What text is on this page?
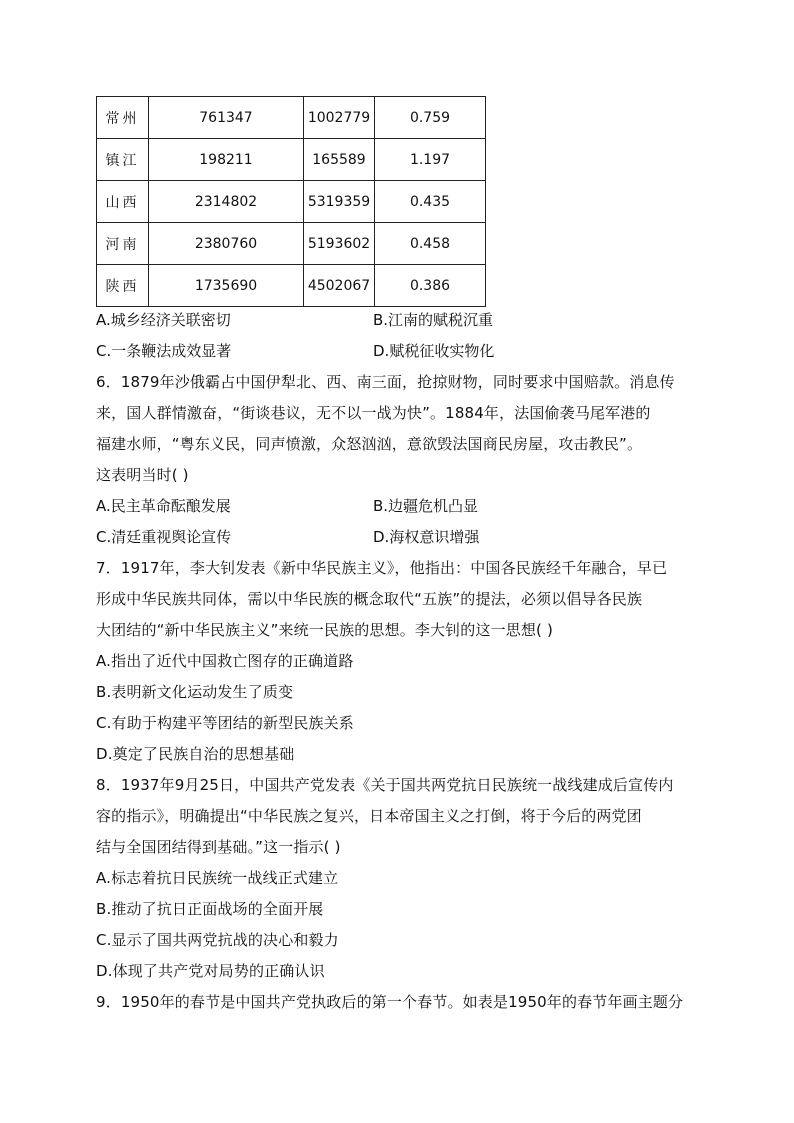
常州	761347	1002779	0.759
镇江	198211	165589	1.197
山西	2314802	5319359	0.435
河南	2380760	5193602	0.458
陕西	1735690	4502067	0.386
A.城乡经济关联密切	B.江南的赋税沉重
C.一条鞭法成效显著	D.赋税征收实物化
6．1879年沙俄霸占中国伊犁北、西、南三面，抢掠财物，同时要求中国赔款。消息传
来，国人群情激奋，“街谈巷议，无不以一战为快”。1884年，法国偷袭马尾军港的
福建水师，“粤东义民，同声愤激，众怒汹汹，意欲毁法国商民房屋，攻击教民”。
这表明当时( )
A.民主革命酝酿发展	B.边疆危机凸显
C.清廷重视舆论宣传	D.海权意识增强
7．1917年，李大钊发表《新中华民族主义》，他指出：中国各民族经千年融合，早已
形成中华民族共同体，需以中华民族的概念取代“五族”的提法，必须以倡导各民族
大团结的“新中华民族主义”来统一民族的思想。李大钊的这一思想( )
A.指出了近代中国救亡图存的正确道路
B.表明新文化运动发生了质变
C.有助于构建平等团结的新型民族关系
D.奠定了民族自治的思想基础
8．1937年9月25日，中国共产党发表《关于国共两党抗日民族统一战线建成后宣传内
容的指示》，明确提出“中华民族之复兴，日本帝国主义之打倒，将于今后的两党团
结与全国团结得到基础。”这一指示( )
A.标志着抗日民族统一战线正式建立
B.推动了抗日正面战场的全面开展
C.显示了国共两党抗战的决心和毅力
D.体现了共产党对局势的正确认识
9．1950年的春节是中国共产党执政后的第一个春节。如表是1950年的春节年画主题分
